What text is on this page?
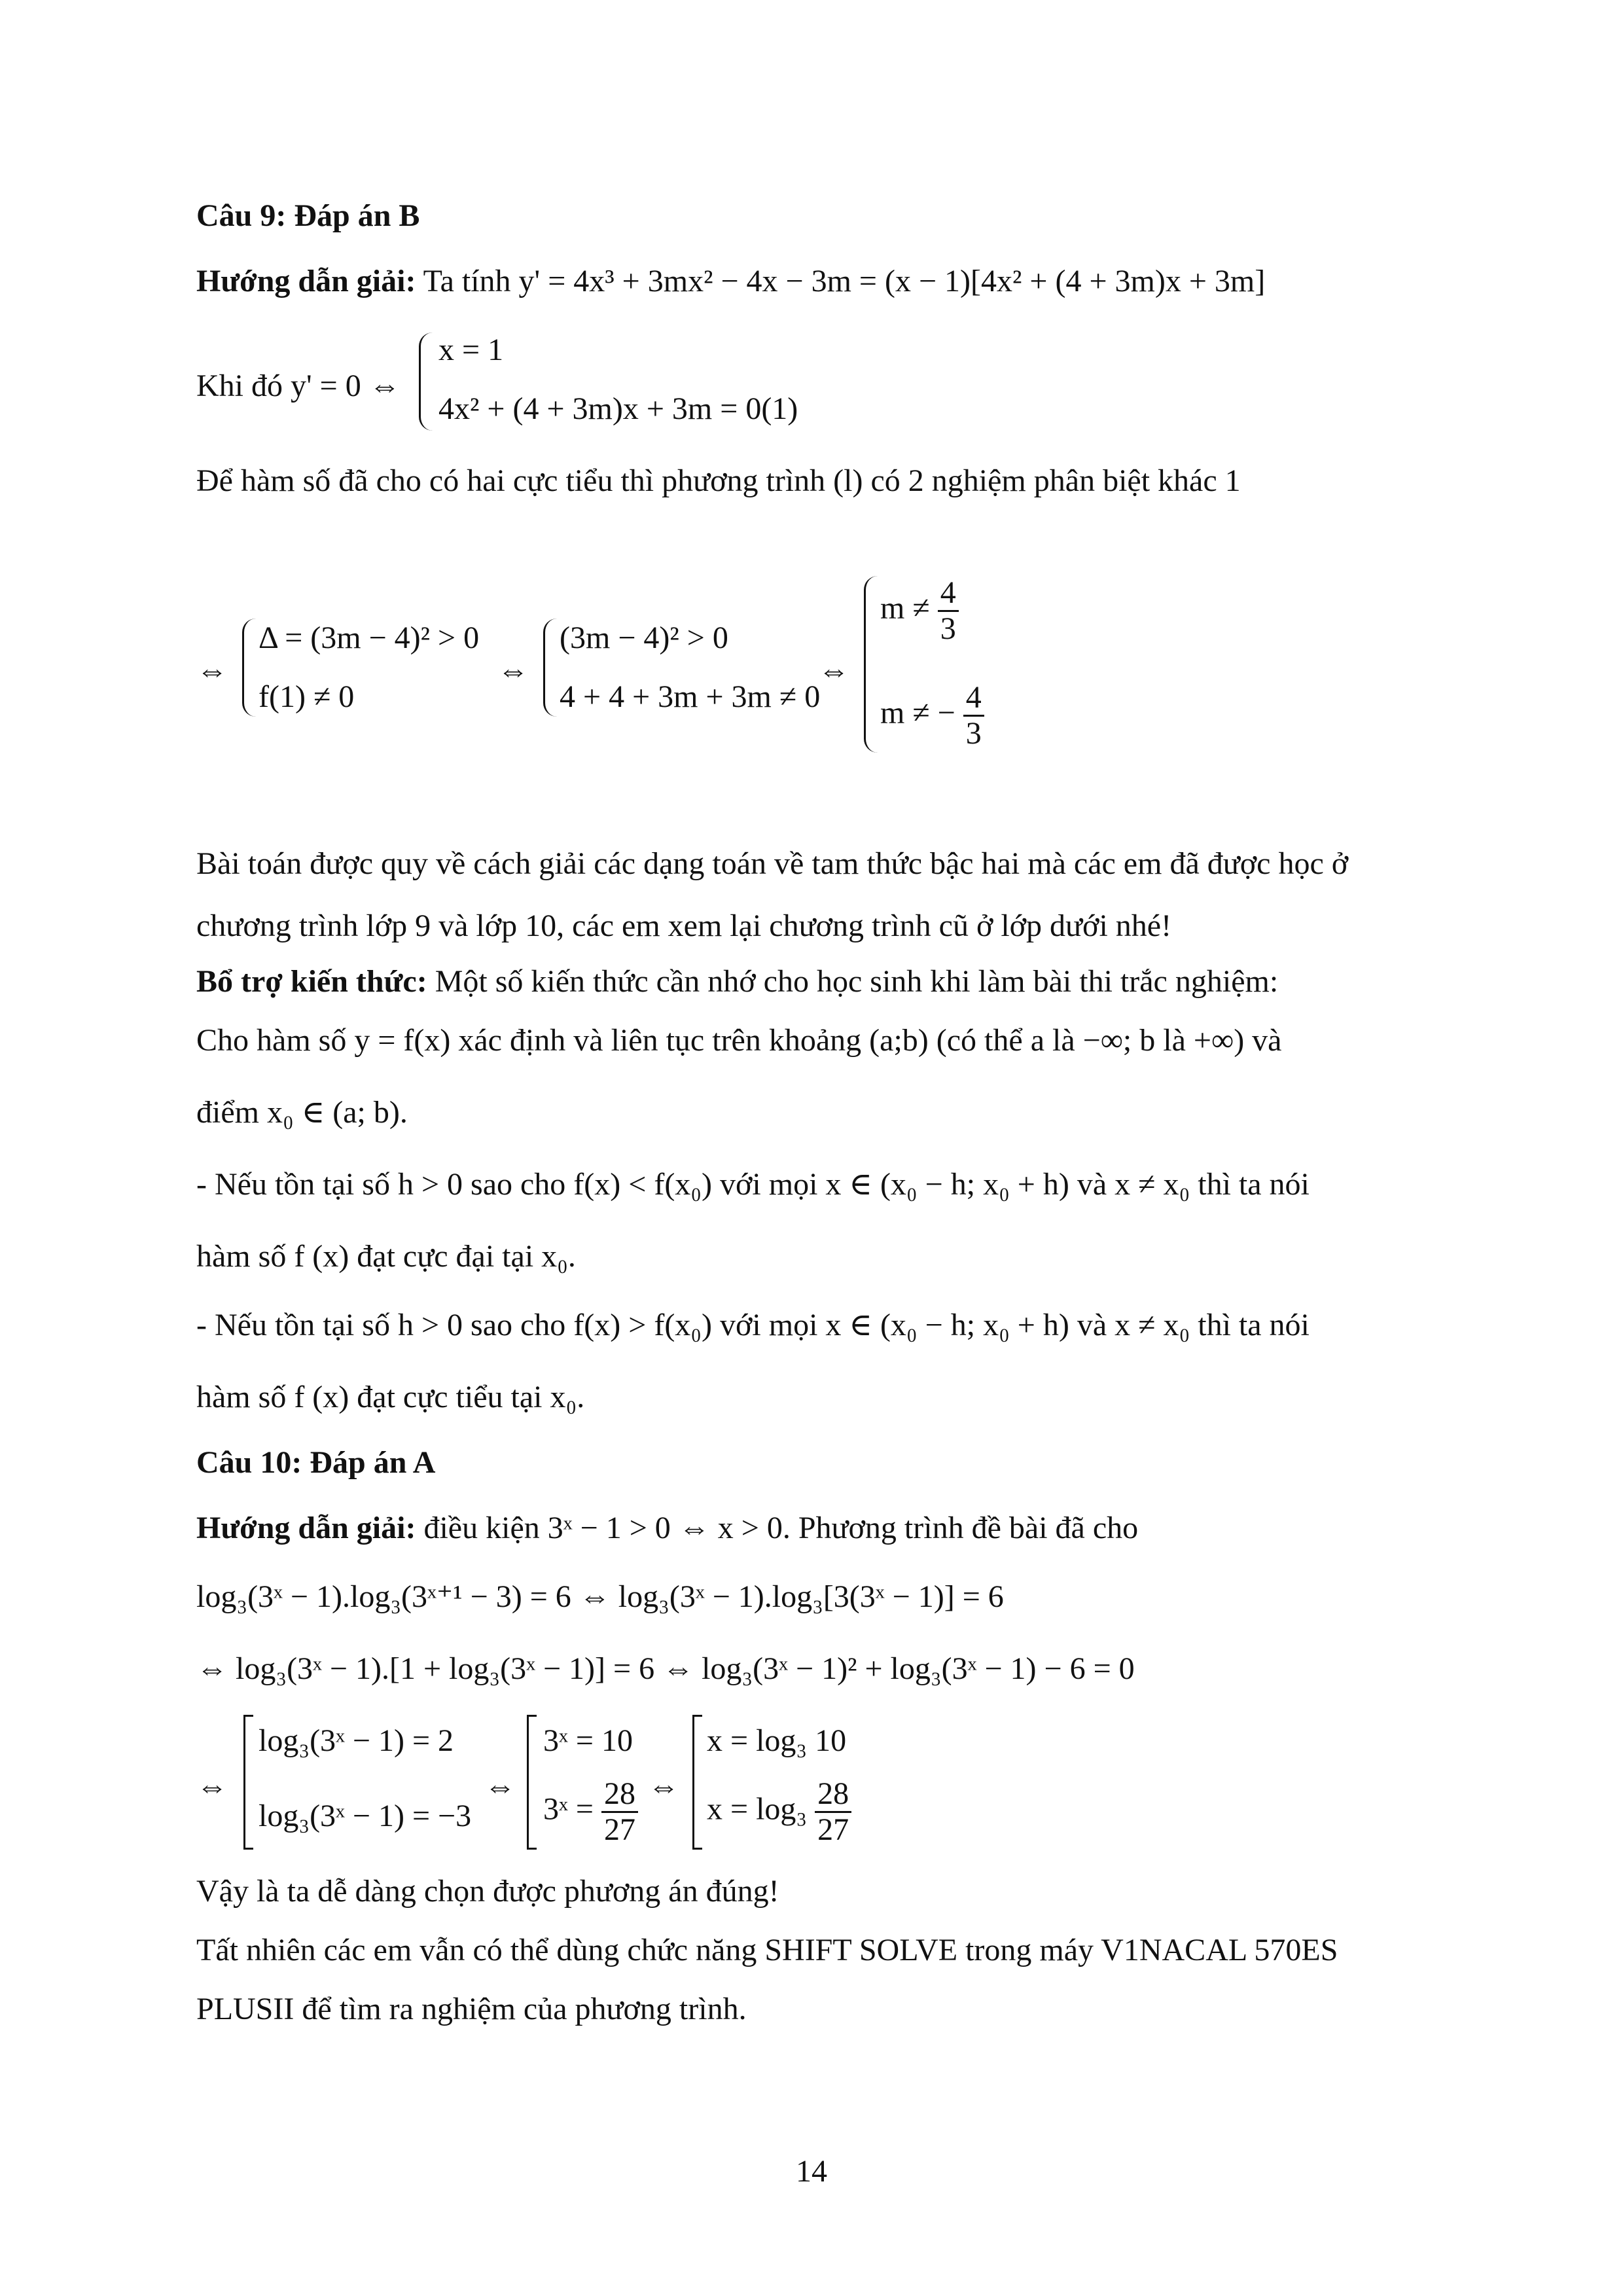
Câu 9: Đáp án B
Hướng dẫn giải: Ta tính y' = 4x³ + 3mx² − 4x − 3m = (x − 1)[4x² + (4 + 3m)x + 3m]
Khi đó y' = 0 ⇔
x = 1
4x² + (4 + 3m)x + 3m = 0(1)
Để hàm số đã cho có hai cực tiểu thì phương trình (l) có 2 nghiệm phân biệt khác 1
⇔
Δ = (3m − 4)² > 0
f(1) ≠ 0
⇔
(3m − 4)² > 0
4 + 4 + 3m + 3m ≠ 0
⇔
$m \ne \frac{4}{3}$
m ≠ − $\frac{4}{3}$
Bài toán được quy về cách giải các dạng toán về tam thức bậc hai mà các em đã được học ở
chương trình lớp 9 và lớp 10, các em xem lại chương trình cũ ở lớp dưới nhé!
Bổ trợ kiến thức: Một số kiến thức cần nhớ cho học sinh khi làm bài thi trắc nghiệm:
Cho hàm số y = f(x) xác định và liên tục trên khoảng (a;b) (có thể a là −∞; b là +∞) và
điểm x₀ ∈ (a; b).
- Nếu tồn tại số h > 0 sao cho f(x) < f(x₀) với mọi x ∈ (x₀ − h; x₀ + h) và x ≠ x₀ thì ta nói
hàm số f (x) đạt cực đại tại x₀.
- Nếu tồn tại số h > 0 sao cho f(x) > f(x₀) với mọi x ∈ (x₀ − h; x₀ + h) và x ≠ x₀ thì ta nói
hàm số f (x) đạt cực tiểu tại x₀.
Câu 10: Đáp án A
Hướng dẫn giải: điều kiện 3ˣ − 1 > 0 ⇔ x > 0. Phương trình đề bài đã cho
log₃(3ˣ − 1).log₃(3ˣ⁺¹ − 3) = 6 ⇔ log₃(3ˣ − 1).log₃[3(3ˣ − 1)] = 6
⇔ log₃(3ˣ − 1).[1 + log₃(3ˣ − 1)] = 6 ⇔ log₃(3ˣ − 1)² + log₃(3ˣ − 1) − 6 = 0
⇔
log₃(3ˣ − 1) = 2
log₃(3ˣ − 1) = −3
⇔
3ˣ = 10
3ˣ = $\frac{28}{27}$ ⇔
x = log₃ 10
$x = \log_3 \frac{28}{27}$
Vậy là ta dễ dàng chọn được phương án đúng!
Tất nhiên các em vẫn có thể dùng chức năng SHIFT SOLVE trong máy V1NACAL 570ES
PLUSII để tìm ra nghiệm của phương trình.
14
